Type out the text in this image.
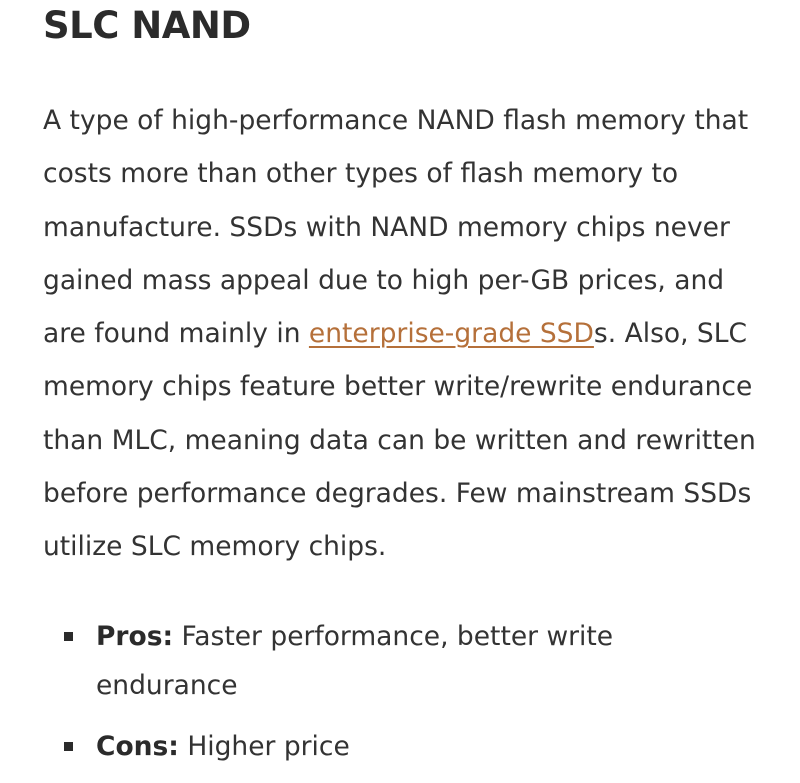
SLC NAND

A type of high-performance NAND flash memory that costs more than other types of flash memory to manufacture. SSDs with NAND memory chips never gained mass appeal due to high per-GB prices, and are found mainly in enterprise-grade SSDs. Also, SLC memory chips feature better write/rewrite endurance than MLC, meaning data can be written and rewritten before performance degrades. Few mainstream SSDs utilize SLC memory chips.

Pros: Faster performance, better write endurance
Cons: Higher price
